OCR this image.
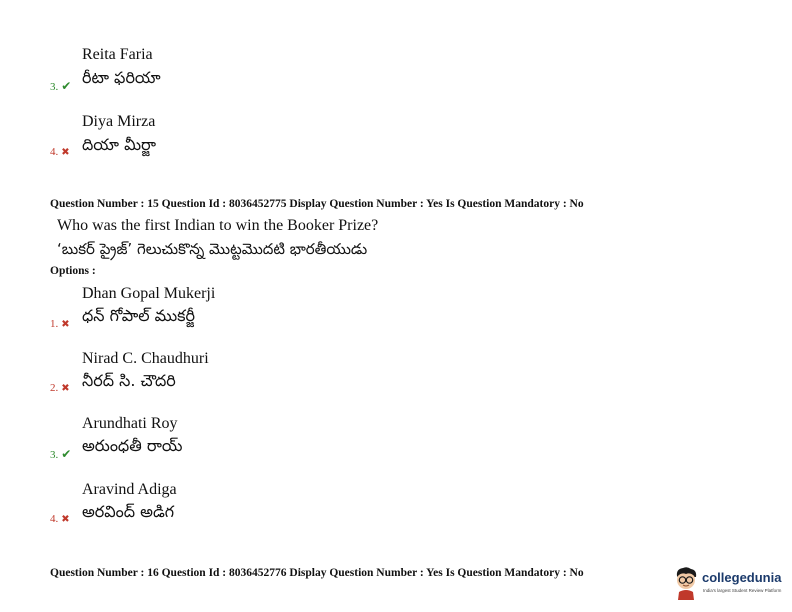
Reita Faria
రీటా ఫరియా
3. ✔
Diya Mirza
దియా మీర్జా
4. ✖
Question Number : 15 Question Id : 8036452775 Display Question Number : Yes Is Question Mandatory : No
Who was the first Indian to win the Booker Prize?
‘బుకర్ ప్రైజ్’ గెలుచుకొన్న మొట్టమొదటి భారతీయుడు
Options :
Dhan Gopal Mukerji
ధన్ గోపాల్ ముకర్జీ
1. ✖
Nirad C. Chaudhuri
నీరద్ సి. చౌదరి
2. ✖
Arundhati Roy
అరుంధతీ రాయ్
3. ✔
Aravind Adiga
అరవింద్ అడిగ
4. ✖
Question Number : 16 Question Id : 8036452776 Display Question Number : Yes Is Question Mandatory : No	collegedunia
India's largest Student Review Platform
